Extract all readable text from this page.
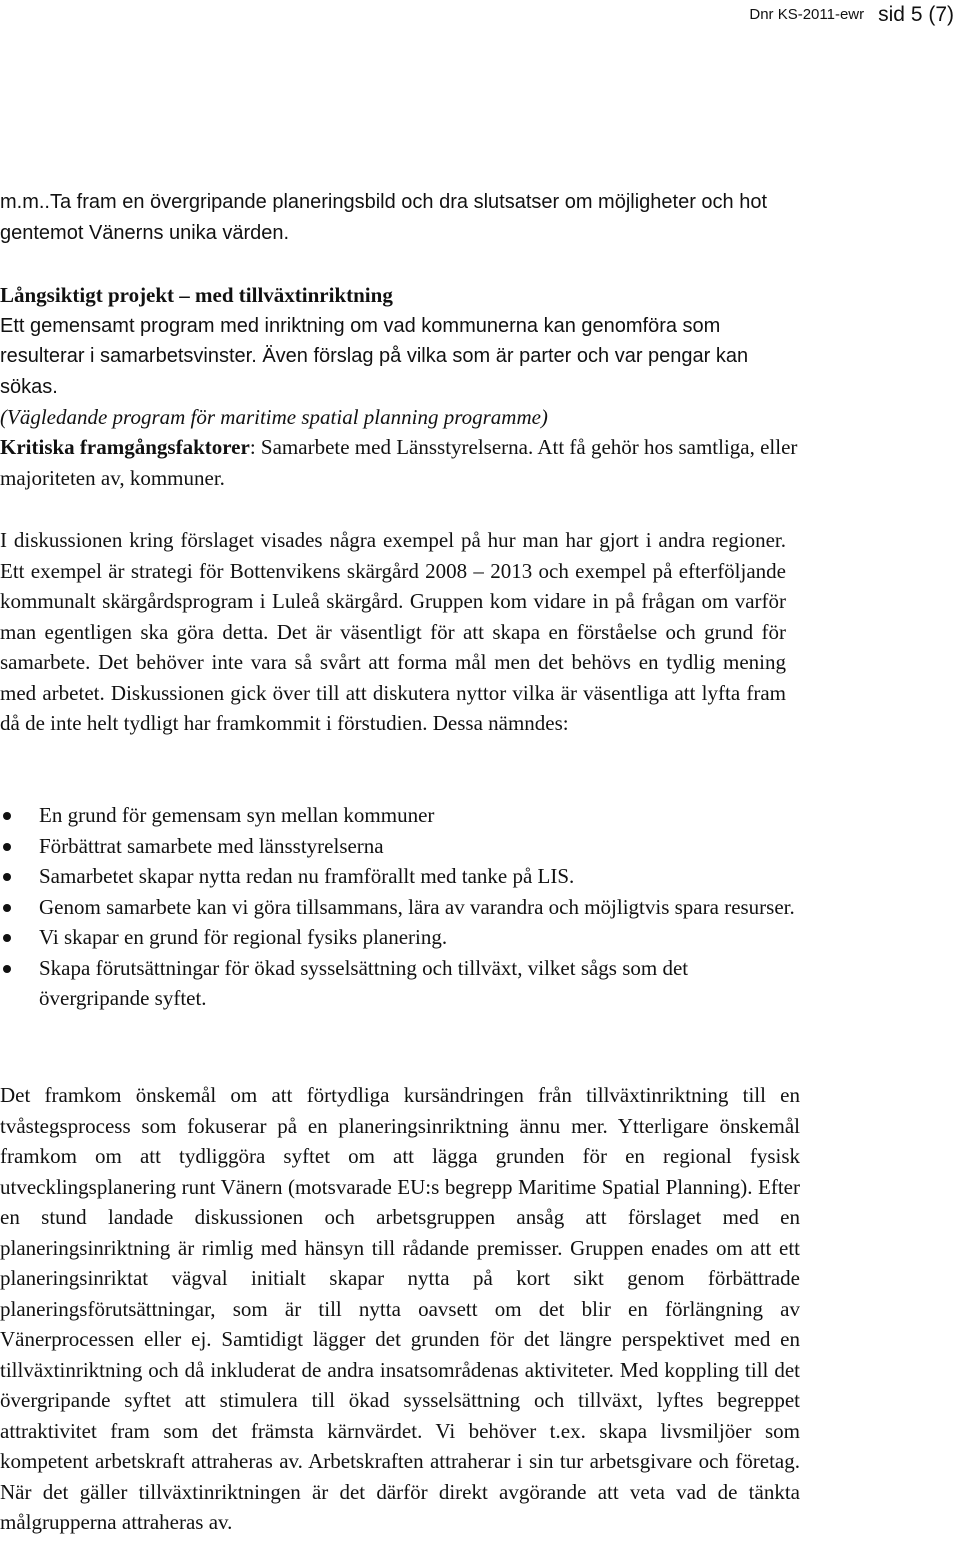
Dnr KS-2011-ewr sid 5 (7)
m.m..Ta fram en övergripande planeringsbild och dra slutsatser om möjligheter och hot gentemot Vänerns unika värden.
Långsiktigt projekt – med tillväxtinriktning
Ett gemensamt program med inriktning om vad kommunerna kan genomföra som resulterar i samarbetsvinster. Även förslag på vilka som är parter och var pengar kan sökas.
(Vägledande program för maritime spatial planning programme)
Kritiska framgångsfaktorer: Samarbete med Länsstyrelserna. Att få gehör hos samtliga, eller majoriteten av, kommuner.
I diskussionen kring förslaget visades några exempel på hur man har gjort i andra regioner. Ett exempel är strategi för Bottenvikens skärgård 2008 – 2013 och exempel på efterföljande kommunalt skärgårdsprogram i Luleå skärgård. Gruppen kom vidare in på frågan om varför man egentligen ska göra detta. Det är väsentligt för att skapa en förståelse och grund för samarbete. Det behöver inte vara så svårt att forma mål men det behövs en tydlig mening med arbetet. Diskussionen gick över till att diskutera nyttor vilka är väsentliga att lyfta fram då de inte helt tydligt har framkommit i förstudien. Dessa nämndes:
En grund för gemensam syn mellan kommuner
Förbättrat samarbete med länsstyrelserna
Samarbetet skapar nytta redan nu framförallt med tanke på LIS.
Genom samarbete kan vi göra tillsammans, lära av varandra och möjligtvis spara resurser.
Vi skapar en grund för regional fysiks planering.
Skapa förutsättningar för ökad sysselsättning och tillväxt, vilket sågs som det övergripande syftet.
Det framkom önskemål om att förtydliga kursändringen från tillväxtinriktning till en tvåstegsprocess som fokuserar på en planeringsinriktning ännu mer. Ytterligare önskemål framkom om att tydliggöra syftet om att lägga grunden för en regional fysisk utvecklingsplanering runt Vänern (motsvarade EU:s begrepp Maritime Spatial Planning). Efter en stund landade diskussionen och arbetsgruppen ansåg att förslaget med en planeringsinriktning är rimlig med hänsyn till rådande premisser. Gruppen enades om att ett planeringsinriktat vägval initialt skapar nytta på kort sikt genom förbättrade planeringsförutsättningar, som är till nytta oavsett om det blir en förlängning av Vänerprocessen eller ej. Samtidigt lägger det grunden för det längre perspektivet med en tillväxtinriktning och då inkluderat de andra insatsområdenas aktiviteter. Med koppling till det övergripande syftet att stimulera till ökad sysselsättning och tillväxt, lyftes begreppet attraktivitet fram som det främsta kärnvärdet. Vi behöver t.ex. skapa livsmiljöer som kompetent arbetskraft attraheras av. Arbetskraften attraherar i sin tur arbetsgivare och företag. När det gäller tillväxtinriktningen är det därför direkt avgörande att veta vad de tänkta målgrupperna attraheras av.
